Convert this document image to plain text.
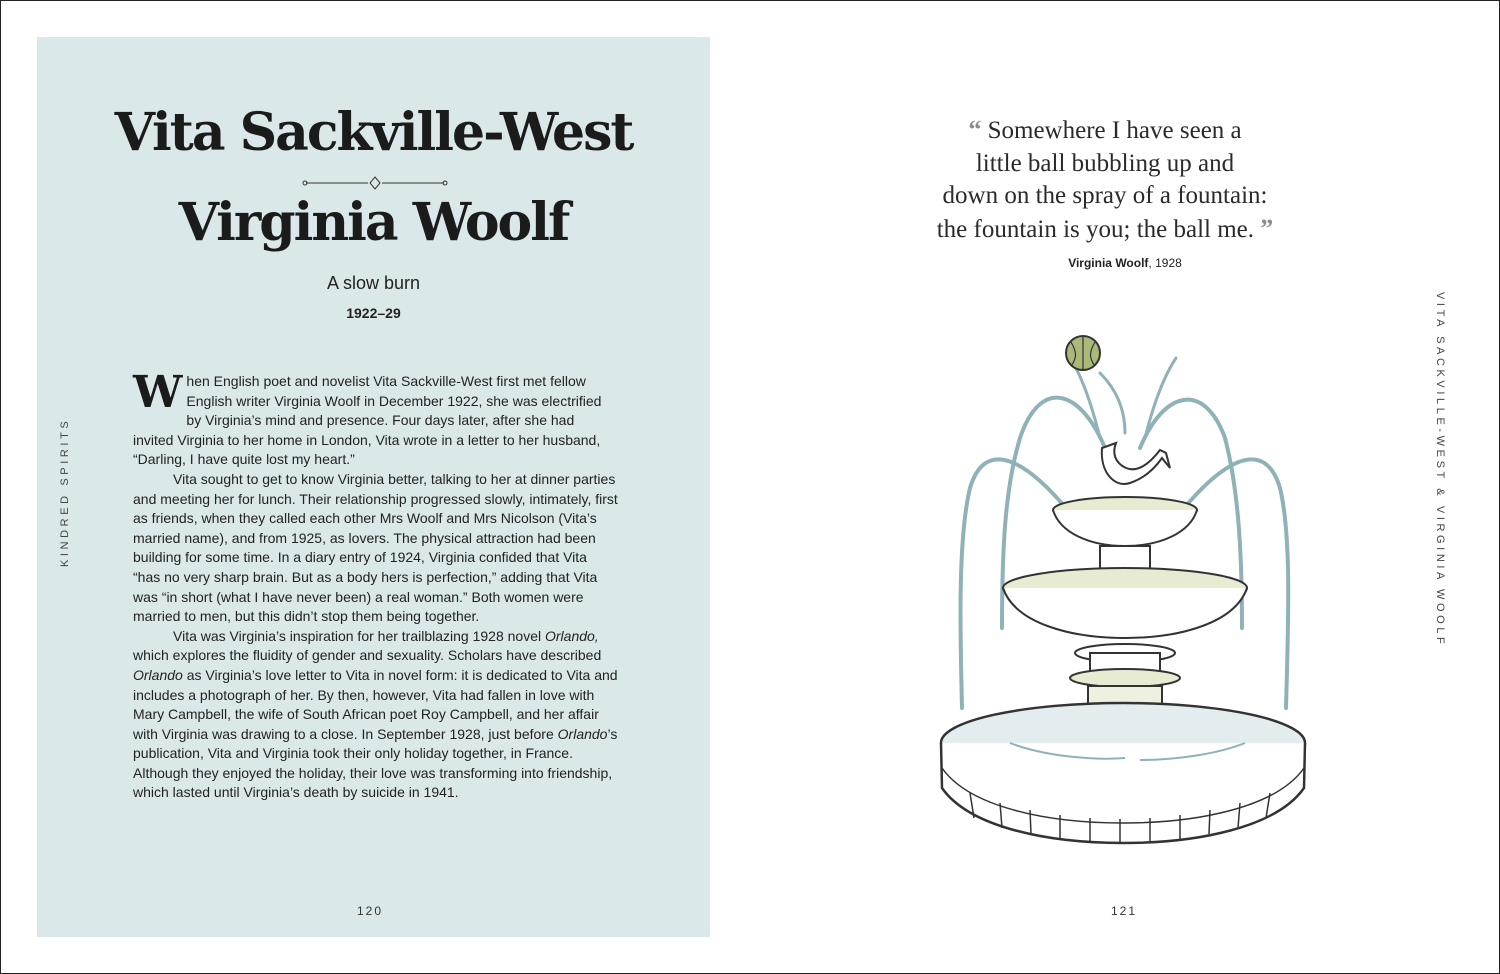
Vita Sackville-West
Virginia Woolf
A slow burn
1922–29

When English poet and novelist Vita Sackville-West first met fellow English writer Virginia Woolf in December 1922, she was electrified by Virginia’s mind and presence. Four days later, after she had invited Virginia to her home in London, Vita wrote in a letter to her husband, “Darling, I have quite lost my heart.”

Vita sought to get to know Virginia better, talking to her at dinner parties and meeting her for lunch. Their relationship progressed slowly, intimately, first as friends, when they called each other Mrs Woolf and Mrs Nicolson (Vita’s married name), and from 1925, as lovers. The physical attraction had been building for some time. In a diary entry of 1924, Virginia confided that Vita “has no very sharp brain. But as a body hers is perfection,” adding that Vita was “in short (what I have never been) a real woman.” Both women were married to men, but this didn’t stop them being together.

Vita was Virginia’s inspiration for her trailblazing 1928 novel Orlando, which explores the fluidity of gender and sexuality. Scholars have described Orlando as Virginia’s love letter to Vita in novel form: it is dedicated to Vita and includes a photograph of her. By then, however, Vita had fallen in love with Mary Campbell, the wife of South African poet Roy Campbell, and her affair with Virginia was drawing to a close. In September 1928, just before Orlando’s publication, Vita and Virginia took their only holiday together, in France. Although they enjoyed the holiday, their love was transforming into friendship, which lasted until Virginia’s death by suicide in 1941.

KINDRED SPIRITS
120
“ Somewhere I have seen a
little ball bubbling up and
down on the spray of a fountain:
the fountain is you; the ball me. ”
Virginia Woolf, 1928
VITA SACKVILLE-WEST & VIRGINIA WOOLF
121
